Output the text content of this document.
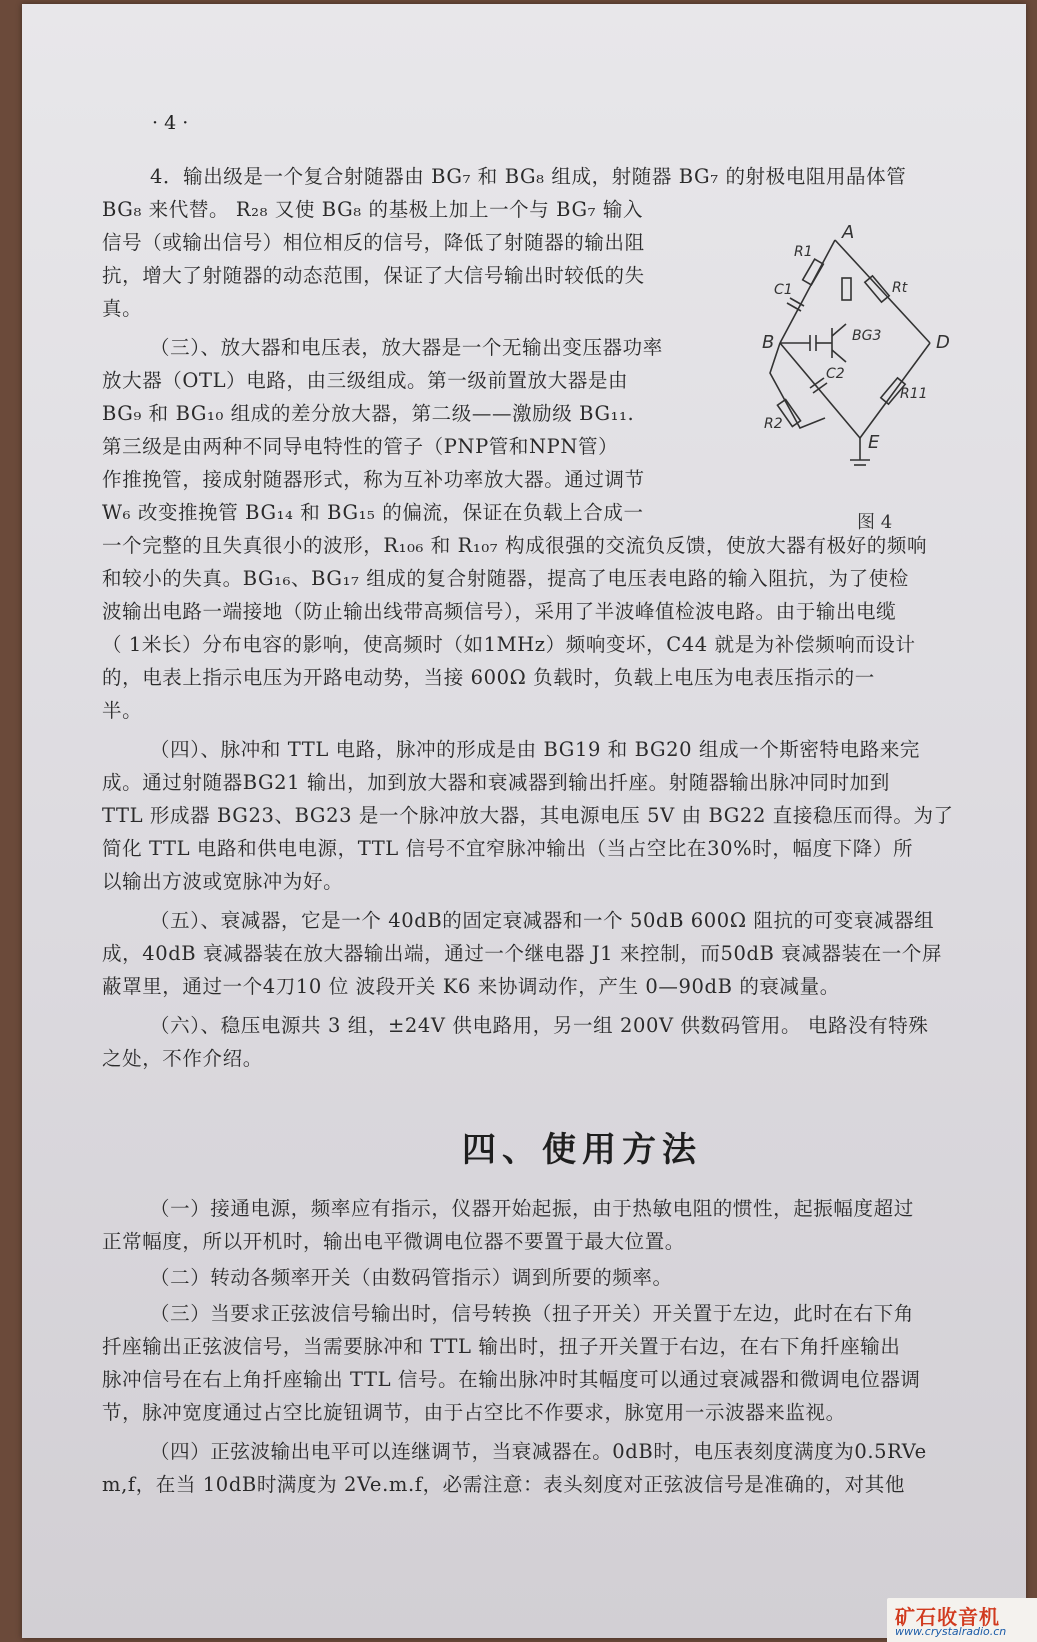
· 4 ·

4．输出级是一个复合射随器由 BG₇ 和 BG₈ 组成，射随器 BG₇ 的射极电阻用晶体管

BG₈ 来代替。 R₂₈ 又使 BG₈ 的基极上加上一个与 BG₇ 输入

信号（或输出信号）相位相反的信号，降低了射随器的输出阻

抗，增大了射随器的动态范围，保证了大信号输出时较低的失

真。

（三）、放大器和电压表，放大器是一个无输出变压器功率

放大器（OTL）电路，由三级组成。第一级前置放大器是由

BG₉ 和 BG₁₀ 组成的差分放大器，第二级——激励级 BG₁₁.

第三级是由两种不同导电特性的管子（PNP管和NPN管）

作推挽管，接成射随器形式，称为互补功率放大器。通过调节

W₆ 改变推挽管 BG₁₄ 和 BG₁₅ 的偏流，保证在负载上合成一

一个完整的且失真很小的波形，R₁₀₆ 和 R₁₀₇ 构成很强的交流负反馈，使放大器有极好的频响

和较小的失真。BG₁₆、BG₁₇ 组成的复合射随器，提高了电压表电路的输入阻抗，为了使检

波输出电路一端接地（防止输出线带高频信号），采用了半波峰值检波电路。由于输出电缆

（ 1米长）分布电容的影响，使高频时（如1MHz）频响变坏，C44 就是为补偿频响而设计

的，电表上指示电压为开路电动势，当接 600Ω 负载时，负载上电压为电表压指示的一

半。

（四）、脉冲和 TTL 电路，脉冲的形成是由 BG19 和 BG20 组成一个斯密特电路来完

成。通过射随器BG21 输出，加到放大器和衰减器到输出扦座。射随器输出脉冲同时加到

TTL 形成器 BG23、BG23 是一个脉冲放大器，其电源电压 5V 由 BG22 直接稳压而得。为了

简化 TTL 电路和供电电源，TTL 信号不宜窄脉冲输出（当占空比在30%时，幅度下降）所

以输出方波或宽脉冲为好。

（五）、衰减器，它是一个 40dB的固定衰减器和一个 50dB 600Ω 阻抗的可变衰减器组

成，40dB 衰减器装在放大器输出端，通过一个继电器 J1 来控制，而50dB 衰减器装在一个屏

蔽罩里，通过一个4刀10 位 波段开关 K6 来协调动作，产生 0—90dB 的衰减量。

（六）、稳压电源共 3 组，±24V 供电路用，另一组 200V 供数码管用。 电路没有特殊

之处，不作介绍。

四、使用方法

（一）接通电源，频率应有指示，仪器开始起振，由于热敏电阻的惯性，起振幅度超过

正常幅度，所以开机时，输出电平微调电位器不要置于最大位置。

（二）转动各频率开关（由数码管指示）调到所要的频率。

（三）当要求正弦波信号输出时，信号转换（扭子开关）开关置于左边，此时在右下角

扦座输出正弦波信号，当需要脉冲和 TTL 输出时，扭子开关置于右边，在右下角扦座输出

脉冲信号在右上角扦座输出 TTL 信号。在输出脉冲时其幅度可以通过衰减器和微调电位器调

节，脉冲宽度通过占空比旋钮调节，由于占空比不作要求，脉宽用一示波器来监视。

（四）正弦波输出电平可以连继调节，当衰减器在。0dB时，电压表刻度满度为0.5RVe

m,f，在当 10dB时满度为 2Ve.m.f，必需注意：表头刻度对正弦波信号是准确的，对其他

A
B	D
E
R1
C1	Rt
BG3
C2
R11
R2
图 4
矿石收音机
www.crystalradio.cn
